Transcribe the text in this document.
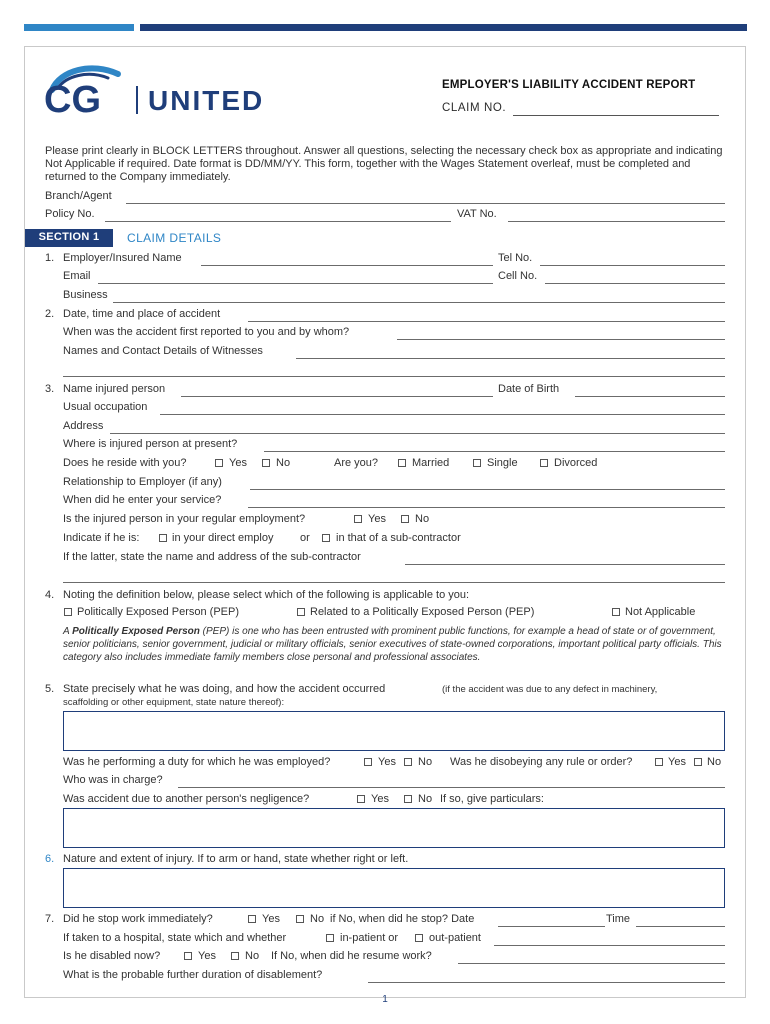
CG UNITED	EMPLOYER'S LIABILITY ACCIDENT REPORT
CLAIM NO.
Please print clearly in BLOCK LETTERS throughout. Answer all questions, selecting the necessary check box as appropriate and indicating Not Applicable if required. Date format is DD/MM/YY. This form, together with the Wages Statement overleaf, must be completed and returned to the Company immediately.
Branch/Agent
Policy No.	VAT No.
SECTION 1	CLAIM DETAILS
1. Employer/Insured Name	Tel No.
Email	Cell No.
Business
2. Date, time and place of accident
When was the accident first reported to you and by whom?
Names and Contact Details of Witnesses
3. Name injured person	Date of Birth
Usual occupation
Address
Where is injured person at present?
Does he reside with you?	Yes	No	Are you?	Married	Single	Divorced
Relationship to Employer (if any)
When did he enter your service?
Is the injured person in your regular employment?	Yes	No
Indicate if he is:	in your direct employ or in that of a sub-contractor
If the latter, state the name and address of the sub-contractor
4. Noting the definition below, please select which of the following is applicable to you:
Politically Exposed Person (PEP)	Related to a Politically Exposed Person (PEP)	Not Applicable
A Politically Exposed Person (PEP) is one who has been entrusted with prominent public functions, for example a head of state or of government, senior politicians, senior government, judicial or military officials, senior executives of state-owned corporations, important political party officials. This category also includes immediate family members close personal and professional associates.
5. State precisely what he was doing, and how the accident occurred	(if the accident was due to any defect in machinery,
scaffolding or other equipment, state nature thereof):
Was he performing a duty for which he was employed?	Yes No Was he disobeying any rule or order?	Yes No
Who was in charge?
Was accident due to another person's negligence?	Yes	No If so, give particulars:
6. Nature and extent of injury. If to arm or hand, state whether right or left.
7. Did he stop work immediately?	Yes	No if No, when did he stop? Date	Time
If taken to a hospital, state which and whether	in-patient or	out-patient
Is he disabled now?	Yes	No If No, when did he resume work?
What is the probable further duration of disablement?
1
